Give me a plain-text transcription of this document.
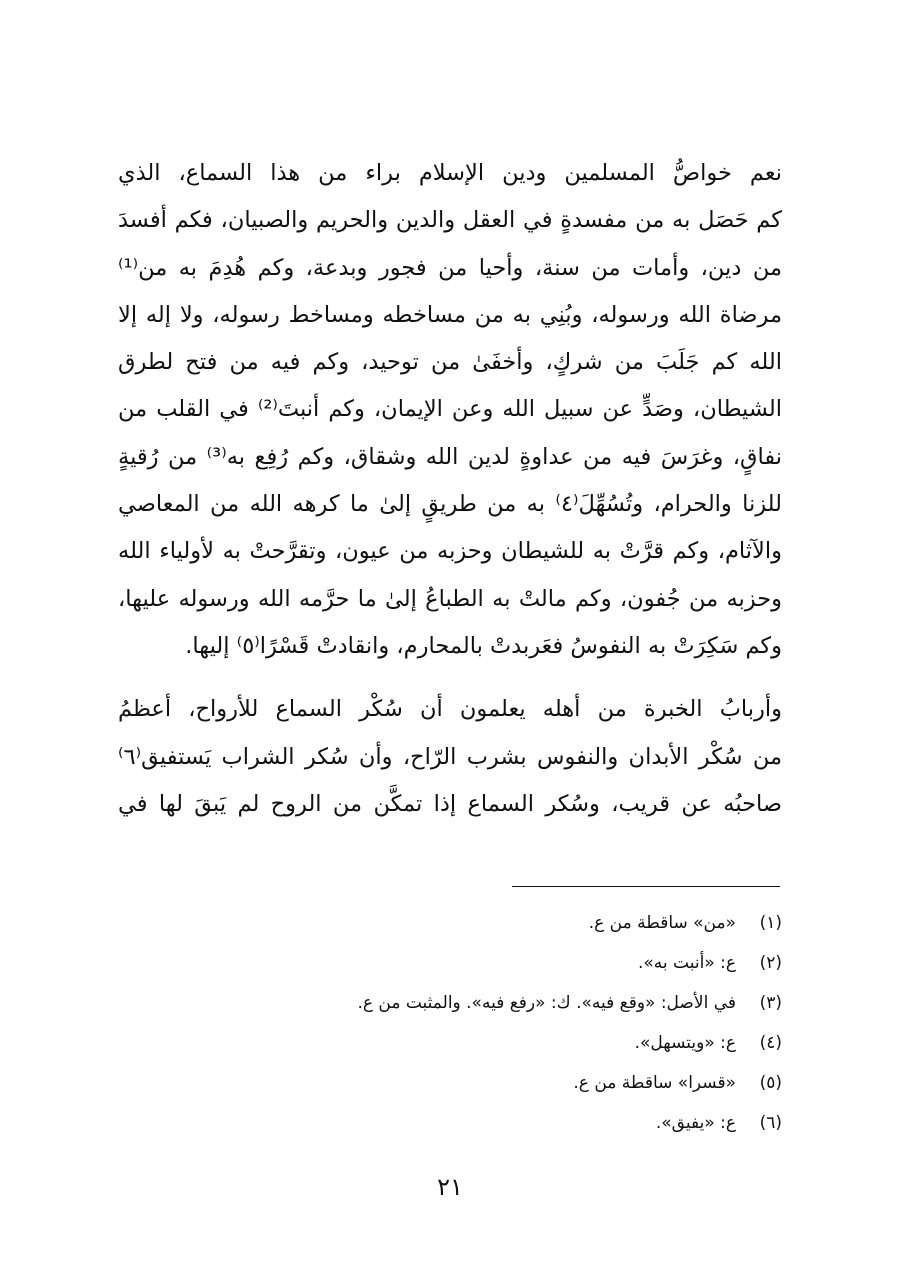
نعم خواصُّ المسلمين ودين الإسلام براء من هذا السماع، الذي
كم حَصَل به من مفسدةٍ في العقل والدين والحريم والصبيان، فكم أفسدَ
من دين، وأمات من سنة، وأحيا من فجور وبدعة، وكم هُدِمَ به من⁽¹⁾
مرضاة الله ورسوله، وبُنِي به من مساخطه ومساخط رسوله، ولا إله إلا
الله كم جَلَبَ من شركٍ، وأخفَىٰ من توحيد، وكم فيه من فتح لطرق
الشيطان، وصَدٍّ عن سبيل الله وعن الإيمان، وكم أنبتَ⁽²⁾ في القلب من
نفاقٍ، وغرَسَ فيه من عداوةٍ لدين الله وشقاق، وكم رُفِع به⁽³⁾ من رُقيةٍ
للزنا والحرام، وتُسُهِّلَ⁽٤⁾ به من طريقٍ إلىٰ ما كرهه الله من المعاصي
والآثام، وكم قرَّتْ به للشيطان وحزبه من عيون، وتقرَّحتْ به لأولياء الله
وحزبه من جُفون، وكم مالتْ به الطباعُ إلىٰ ما حرَّمه الله ورسوله عليها،
وكم سَكِرَتْ به النفوسُ فعَربدتْ بالمحارم، وانقادتْ قَسْرًا⁽٥⁾ إليها.
وأربابُ الخبرة من أهله يعلمون أن سُكْر السماع للأرواح، أعظمُ
من سُكْر الأبدان والنفوس بشرب الرّاح، وأن سُكر الشراب يَستفيق⁽٦⁾
صاحبُه عن قريب، وسُكر السماع إذا تمكَّن من الروح لم يَبقَ لها في
(١)«من» ساقطة من ع.
(٢)ع: «أنبت به».
(٣)في الأصل: «وقع فيه». ك: «رفع فيه». والمثبت من ع.
(٤)ع: «ويتسهل».
(٥)«قسرا» ساقطة من ع.
(٦)ع: «يفيق».
٢١
